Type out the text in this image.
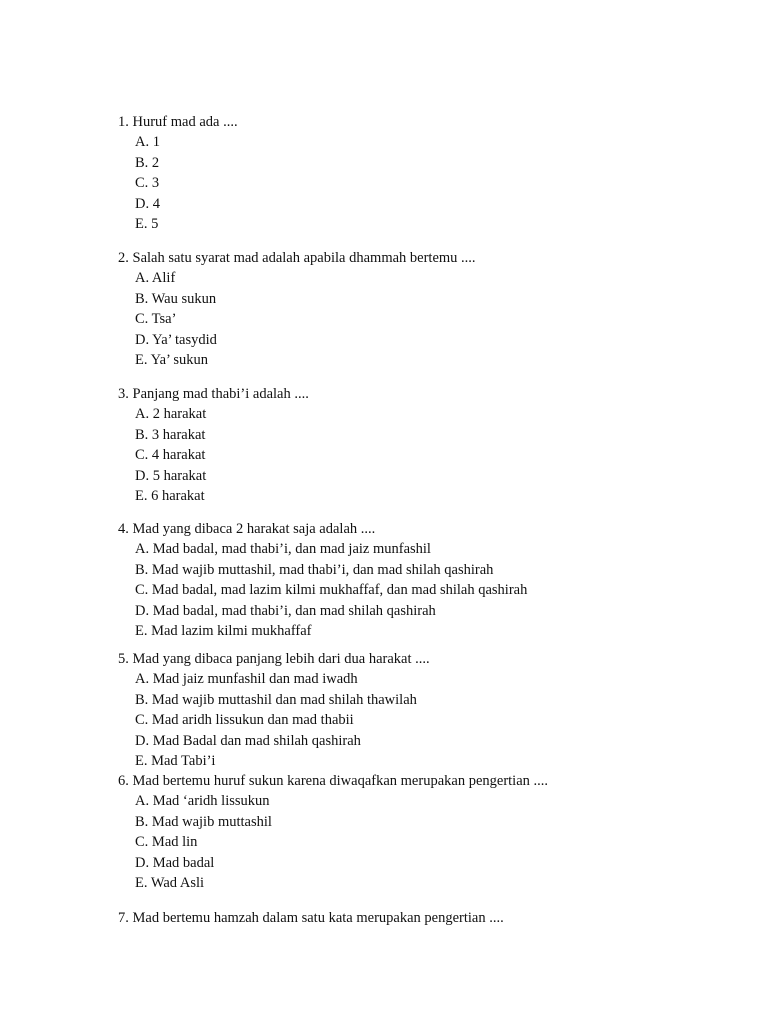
1. Huruf mad ada ....
A. 1
B. 2
C. 3
D. 4
E. 5
2. Salah satu syarat mad adalah apabila dhammah bertemu ....
A. Alif
B. Wau sukun
C. Tsa’
D. Ya’ tasydid
E. Ya’ sukun
3. Panjang mad thabi’i adalah ....
A. 2 harakat
B. 3 harakat
C. 4 harakat
D. 5 harakat
E. 6 harakat
4. Mad yang dibaca 2 harakat saja adalah ....
A. Mad badal, mad thabi’i, dan mad jaiz munfashil
B. Mad wajib muttashil, mad thabi’i, dan mad shilah qashirah
C. Mad badal, mad lazim kilmi mukhaffaf, dan mad shilah qashirah
D. Mad badal, mad thabi’i, dan mad shilah qashirah
E. Mad lazim kilmi mukhaffaf
5. Mad yang dibaca panjang lebih dari dua harakat ....
A. Mad jaiz munfashil dan mad iwadh
B. Mad wajib muttashil dan mad shilah thawilah
C. Mad aridh lissukun dan mad thabii
D. Mad Badal dan mad shilah qashirah
E. Mad Tabi’i
6. Mad bertemu huruf sukun karena diwaqafkan merupakan pengertian ....
A. Mad ‘aridh lissukun
B. Mad wajib muttashil
C. Mad lin
D. Mad badal
E. Wad Asli
7. Mad bertemu hamzah dalam satu kata merupakan pengertian ....
